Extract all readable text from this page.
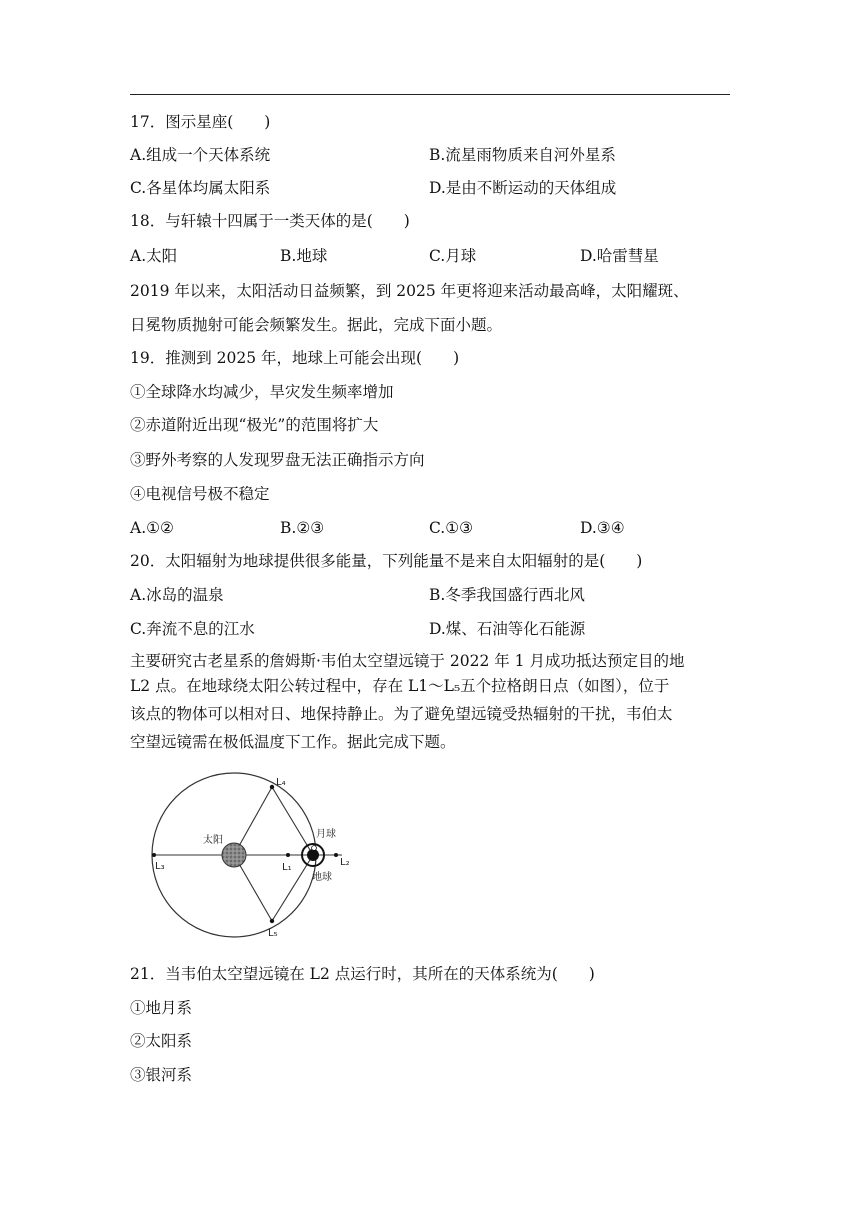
17．图示星座(　　)
A.组成一个天体系统	B.流星雨物质来自河外星系
C.各星体均属太阳系	D.是由不断运动的天体组成
18．与轩辕十四属于一类天体的是(　　)
A.太阳	B.地球	C.月球	D.哈雷彗星
2019 年以来，太阳活动日益频繁，到 2025 年更将迎来活动最高峰，太阳耀斑、
日冕物质抛射可能会频繁发生。据此，完成下面小题。
19．推测到 2025 年，地球上可能会出现(　　)
①全球降水均减少，旱灾发生频率增加
②赤道附近出现“极光”的范围将扩大
③野外考察的人发现罗盘无法正确指示方向
④电视信号极不稳定
A.①②	B.②③	C.①③	D.③④
20．太阳辐射为地球提供很多能量，下列能量不是来自太阳辐射的是(　　)
A.冰岛的温泉	B.冬季我国盛行西北风
C.奔流不息的江水	D.煤、石油等化石能源
主要研究古老星系的詹姆斯·韦伯太空望远镜于 2022 年 1 月成功抵达预定目的地
L2 点。在地球绕太阳公转过程中，存在 L1～L₅五个拉格朗日点（如图），位于
该点的物体可以相对日、地保持静止。为了避免望远镜受热辐射的干扰，韦伯太
空望远镜需在极低温度下工作。据此完成下题。
太阳
月球
地球
L₁	L₂
L₃
L₄
L₅
21．当韦伯太空望远镜在 L2 点运行时，其所在的天体系统为(　　)
①地月系
②太阳系
③银河系
